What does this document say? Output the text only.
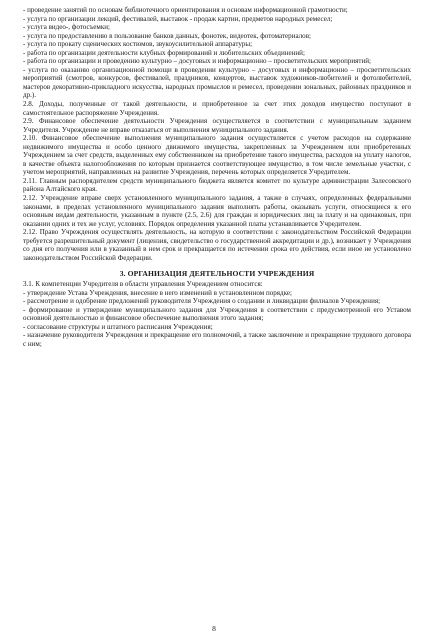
- проведение занятий по основам библиотечного ориентирования и основам информационной грамотности;

- услуга по организации лекций, фестивалей, выставок - продаж картин, предметов народных ремесел;

- услуга видео-, фотосъемки;

- услуга по предоставлению в пользование банков данных, фонотек, видеотек, фотоматериалов;

- услуга по прокату сценических костюмов, звукоусилительной аппаратуры;

- работа по организации деятельности клубных формирований и любительских объединений;

- работа по организации и проведению культурно – досуговых и информационно – просветительских мероприятий;

- услуга по оказанию организационной помощи в проведении культурно – досуговых и информационно – просветительских мероприятий (смотров, конкурсов, фестивалей, праздников, концертов, выставок художников-любителей и фотолюбителей, мастеров декоративно-прикладного искусства, народных промыслов и ремесел, проведении зональных, районных праздников и др.).

2.8. Доходы, полученные от такой деятельности, и приобретенное за счет этих доходов имущество поступают в самостоятельное распоряжение Учреждения.

2.9. Финансовое обеспечение деятельности Учреждения осуществляется в соответствии с муниципальным заданием Учредителя. Учреждение не вправе отказаться от выполнения муниципального задания.

2.10. Финансовое обеспечение выполнения муниципального задания осуществляется с учетом расходов на содержание недвижимого имущества и особо ценного движимого имущества, закрепленных за Учреждением или приобретенных Учреждением за счет средств, выделенных ему собственником на приобретение такого имущества, расходов на уплату налогов, в качестве объекта налогообложения по которым признается соответствующее имущество, в том числе земельные участки, с учетом мероприятий, направленных на развитие Учреждения, перечень которых определяется Учредителем.

2.11. Главным распорядителем средств муниципального бюджета является комитет по культуре администрации Залесовского района Алтайского края.

2.12. Учреждение вправе сверх установленного муниципального задания, а также в случаях, определенных федеральными законами, в пределах установленного муниципального задания выполнять работы, оказывать услуги, относящиеся к его основным видам деятельности, указанным в пункте (2.5, 2.6) для граждан и юридических лиц за плату и на одинаковых, при оказании одних и тех же услуг, условиях. Порядок определения указанной платы устанавливается Учредителем.

2.12. Право Учреждения осуществлять деятельность, на которую в соответствии с законодательством Российской Федерации требуется разрешительный документ (лицензия, свидетельство о государственной аккредитации и др.), возникает у Учреждения со дня его получения или в указанный в нем срок и прекращается по истечении срока его действия, если иное не установлено законодательством Российской Федерации.

3. ОРГАНИЗАЦИЯ ДЕЯТЕЛЬНОСТИ УЧРЕЖДЕНИЯ

3.1. К компетенции Учредителя в области управления Учреждением относится:

- утверждение Устава Учреждения, внесение в него изменений в установленном порядке;

- рассмотрение и одобрение предложений руководителя Учреждения о создании и ликвидации филиалов Учреждения;

- формирование и утверждение муниципального задания для Учреждения в соответствии с предусмотренной его Уставом основной деятельностью и финансовое обеспечение выполнения этого задания;

- согласование структуры и штатного расписания Учреждения;

- назначение руководителя Учреждения и прекращение его полномочий, а также заключение и прекращение трудового договора с ним;

8
